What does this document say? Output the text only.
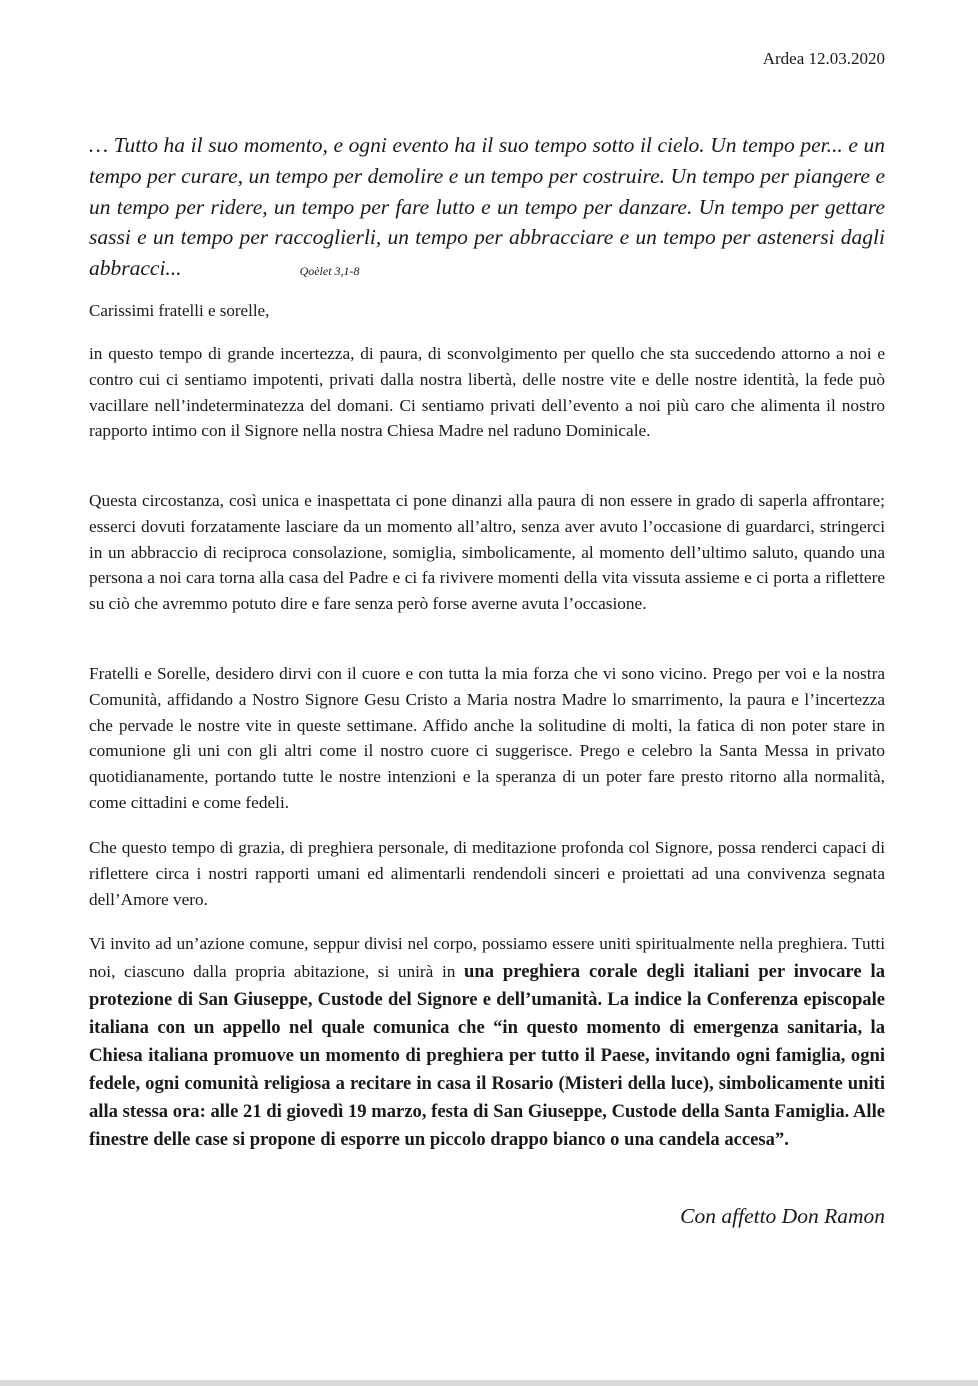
Ardea 12.03.2020
… Tutto ha il suo momento, e ogni evento ha il suo tempo sotto il cielo. Un tempo per... e un tempo per curare, un tempo per demolire e un tempo per costruire. Un tempo per piangere e un tempo per ridere, un tempo per fare lutto e un tempo per danzare. Un tempo per gettare sassi e un tempo per raccoglierli, un tempo per abbracciare e un tempo per astenersi dagli abbracci...	Qoèlet 3,1-8
Carissimi fratelli e sorelle,

in questo tempo di grande incertezza, di paura, di sconvolgimento per quello che sta succedendo attorno a noi e contro cui ci sentiamo impotenti, privati dalla nostra libertà, delle nostre vite e delle nostre identità, la fede può vacillare nell’indeterminatezza del domani. Ci sentiamo privati dell’evento a noi più caro che alimenta il nostro rapporto intimo con il Signore nella nostra Chiesa Madre nel raduno Dominicale.

Questa circostanza, così unica e inaspettata ci pone dinanzi alla paura di non essere in grado di saperla affrontare; esserci dovuti forzatamente lasciare da un momento all’altro, senza aver avuto l’occasione di guardarci, stringerci in un abbraccio di reciproca consolazione, somiglia, simbolicamente, al momento dell’ultimo saluto, quando una persona a noi cara torna alla casa del Padre e ci fa rivivere momenti della vita vissuta assieme e ci porta a riflettere su ciò che avremmo potuto dire e fare senza però forse averne avuta l’occasione.

Fratelli e Sorelle, desidero dirvi con il cuore e con tutta la mia forza che vi sono vicino. Prego per voi e la nostra Comunità, affidando a Nostro Signore Gesu Cristo a Maria nostra Madre lo smarrimento, la paura e l’incertezza che pervade le nostre vite in queste settimane. Affido anche la solitudine di molti, la fatica di non poter stare in comunione gli uni con gli altri come il nostro cuore ci suggerisce. Prego e celebro la Santa Messa in privato quotidianamente, portando tutte le nostre intenzioni e la speranza di un poter fare presto ritorno alla normalità, come cittadini e come fedeli.

Che questo tempo di grazia, di preghiera personale, di meditazione profonda col Signore, possa renderci capaci di riflettere circa i nostri rapporti umani ed alimentarli rendendoli sinceri e proiettati ad una convivenza segnata dell’Amore vero.

Vi invito ad un’azione comune, seppur divisi nel corpo, possiamo essere uniti spiritualmente nella preghiera. Tutti noi, ciascuno dalla propria abitazione, si unirà in una preghiera corale degli italiani per invocare la protezione di San Giuseppe, Custode del Signore e dell’umanità. La indice la Conferenza episcopale italiana con un appello nel quale comunica che “in questo momento di emergenza sanitaria, la Chiesa italiana promuove un momento di preghiera per tutto il Paese, invitando ogni famiglia, ogni fedele, ogni comunità religiosa a recitare in casa il Rosario (Misteri della luce), simbolicamente uniti alla stessa ora: alle 21 di giovedì 19 marzo, festa di San Giuseppe, Custode della Santa Famiglia. Alle finestre delle case si propone di esporre un piccolo drappo bianco o una candela accesa”.

Con affetto Don Ramon
